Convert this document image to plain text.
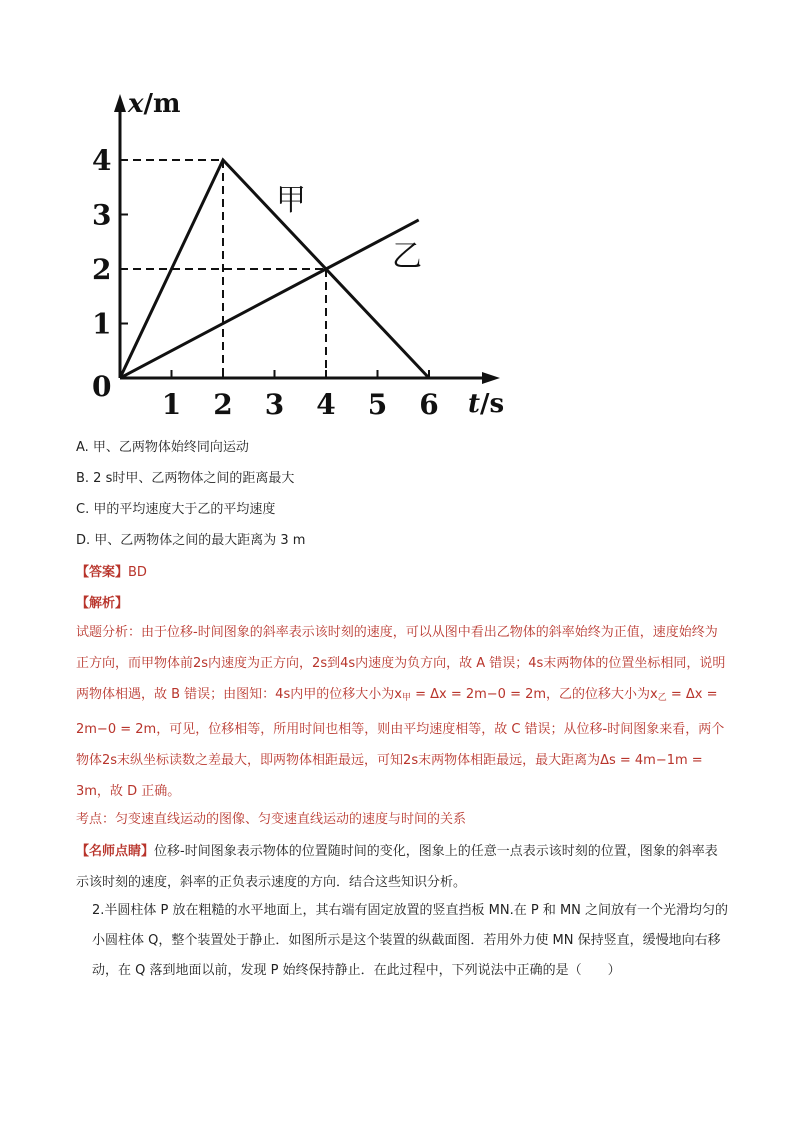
x/m
t/s
0
1
2
3
4
1 2 3 4 5 6
甲
乙
A. 甲、乙两物体始终同向运动
B. 2 s时甲、乙两物体之间的距离最大
C. 甲的平均速度大于乙的平均速度
D. 甲、乙两物体之间的最大距离为 3 m
【答案】BD
【解析】
试题分析：由于位移-时间图象的斜率表示该时刻的速度，可以从图中看出乙物体的斜率始终为正值，速度始终为正方向，而甲物体前2s内速度为正方向，2s到4s内速度为负方向，故 A 错误；4s末两物体的位置坐标相同，说明两物体相遇，故 B 错误；由图知：4s内甲的位移大小为$x_甲 = \Delta x = 2m-0 = 2m$，乙的位移大小为$x_乙 = \Delta x = 2m-0 = 2m$，可见，位移相等，所用时间也相等，则由平均速度相等，故 C 错误；从位移-时间图象来看，两个物体2s末纵坐标读数之差最大，即两物体相距最远，可知2s末两物体相距最远，最大距离为Δs = 4m−1m = 3m，故 D 正确。
考点：匀变速直线运动的图像、匀变速直线运动的速度与时间的关系
【名师点睛】位移-时间图象表示物体的位置随时间的变化，图象上的任意一点表示该时刻的位置，图象的斜率表示该时刻的速度，斜率的正负表示速度的方向．结合这些知识分析。
2.半圆柱体 P 放在粗糙的水平地面上，其右端有固定放置的竖直挡板 MN.在 P 和 MN 之间放有一个光滑均匀的小圆柱体 Q，整个装置处于静止．如图所示是这个装置的纵截面图．若用外力使 MN 保持竖直，缓慢地向右移动，在 Q 落到地面以前，发现 P 始终保持静止．在此过程中，下列说法中正确的是（　　）
